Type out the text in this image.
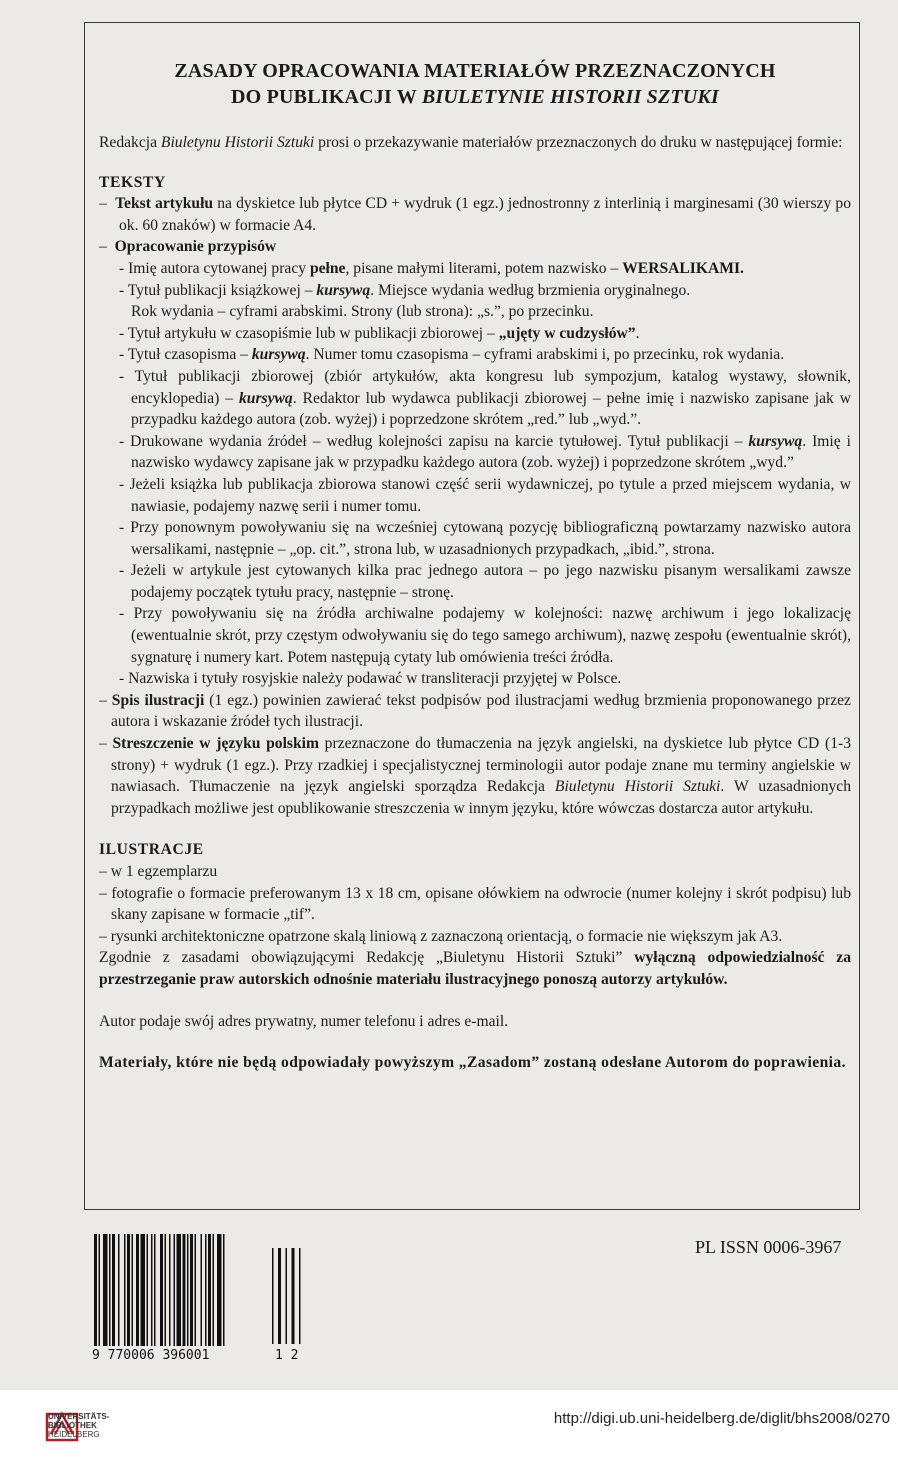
ZASADY OPRACOWANIA MATERIAŁÓW PRZEZNACZONYCH
DO PUBLIKACJI W BIULETYNIE HISTORII SZTUKI

Redakcja Biuletynu Historii Sztuki prosi o przekazywanie materiałów przeznaczonych do druku w następującej formie:

TEKSTY

–  Tekst artykułu na dyskietce lub płytce CD + wydruk (1 egz.) jednostronny z interlinią i marginesami (30 wierszy po ok. 60 znaków) w formacie A4.

–  Opracowanie przypisów

- Imię autora cytowanej pracy pełne, pisane małymi literami, potem nazwisko – WERSALIKAMI.

- Tytuł publikacji książkowej – kursywą. Miejsce wydania według brzmienia oryginalnego.

Rok wydania – cyframi arabskimi. Strony (lub strona): „s.”, po przecinku.

- Tytuł artykułu w czasopiśmie lub w publikacji zbiorowej – „ujęty w cudzysłów”.

- Tytuł czasopisma – kursywą. Numer tomu czasopisma – cyframi arabskimi i, po przecinku, rok wydania.

- Tytuł publikacji zbiorowej (zbiór artykułów, akta kongresu lub sympozjum, katalog wystawy, słownik, encyklopedia) – kursywą. Redaktor lub wydawca publikacji zbiorowej – pełne imię i nazwisko zapisane jak w przypadku każdego autora (zob. wyżej) i poprzedzone skrótem „red.” lub „wyd.”.

- Drukowane wydania źródeł – według kolejności zapisu na karcie tytułowej. Tytuł publikacji – kursywą. Imię i nazwisko wydawcy zapisane jak w przypadku każdego autora (zob. wyżej) i poprzedzone skrótem „wyd.”

- Jeżeli książka lub publikacja zbiorowa stanowi część serii wydawniczej, po tytule a przed miejscem wydania, w nawiasie, podajemy nazwę serii i numer tomu.

- Przy ponownym powoływaniu się na wcześniej cytowaną pozycję bibliograficzną powtarzamy nazwisko autora wersalikami, następnie – „op. cit.”, strona lub, w uzasadnionych przypadkach, „ibid.”, strona.

- Jeżeli w artykule jest cytowanych kilka prac jednego autora – po jego nazwisku pisanym wersalikami zawsze podajemy początek tytułu pracy, następnie – stronę.

- Przy powoływaniu się na źródła archiwalne podajemy w kolejności: nazwę archiwum i jego lokalizację (ewentualnie skrót, przy częstym odwoływaniu się do tego samego archiwum), nazwę zespołu (ewentualnie skrót), sygnaturę i numery kart. Potem następują cytaty lub omówienia treści źródła.

- Nazwiska i tytuły rosyjskie należy podawać w transliteracji przyjętej w Polsce.

– Spis ilustracji (1 egz.) powinien zawierać tekst podpisów pod ilustracjami według brzmienia proponowanego przez autora i wskazanie źródeł tych ilustracji.

– Streszczenie w języku polskim przeznaczone do tłumaczenia na język angielski, na dyskietce lub płytce CD (1-3 strony) + wydruk (1 egz.). Przy rzadkiej i specjalistycznej terminologii autor podaje znane mu terminy angielskie w nawiasach. Tłumaczenie na język angielski sporządza Redakcja Biuletynu Historii Sztuki. W uzasadnionych przypadkach możliwe jest opublikowanie streszczenia w innym języku, które wówczas dostarcza autor artykułu.

ILUSTRACJE

– w 1 egzemplarzu

– fotografie o formacie preferowanym 13 x 18 cm, opisane ołówkiem na odwrocie (numer kolejny i skrót podpisu) lub skany zapisane w formacie „tif”.

– rysunki architektoniczne opatrzone skalą liniową z zaznaczoną orientacją, o formacie nie większym jak A3.

Zgodnie z zasadami obowiązującymi Redakcję „Biuletynu Historii Sztuki” wyłączną odpowiedzialność za przestrzeganie praw autorskich odnośnie materiału ilustracyjnego ponoszą autorzy artykułów.

Autor podaje swój adres prywatny, numer telefonu i adres e-mail.

Materiały, które nie będą odpowiadały powyższym „Zasadom” zostaną odesłane Autorom do poprawienia.

9 770006 396001	1 2
PL ISSN 0006-3967
UNIVERSITÄTS-
BIBLIOTHEK
HEIDELBERG
http://digi.ub.uni-heidelberg.de/diglit/bhs2008/0270
